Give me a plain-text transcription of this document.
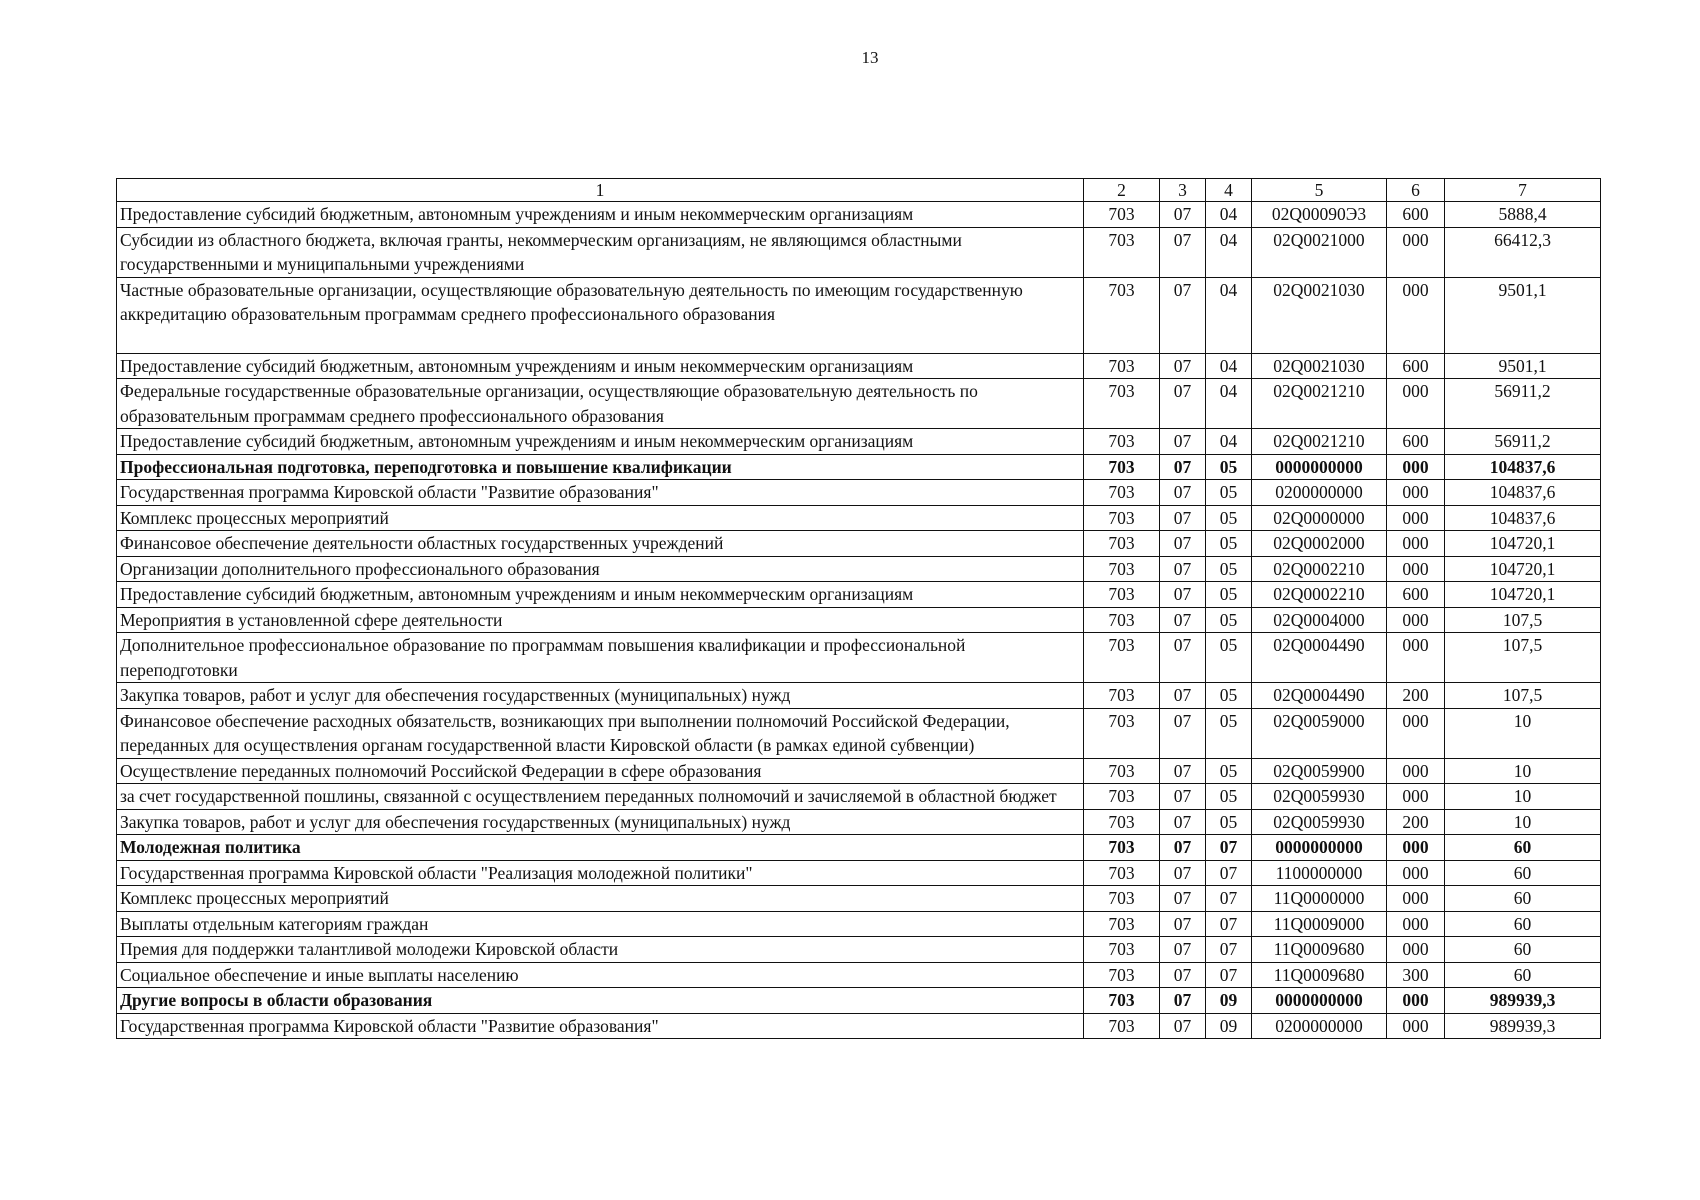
13
1	2	3	4	5	6	7
Предоставление субсидий бюджетным, автономным учреждениям и иным некоммерческим организациям	703	07	04	02Q00090Э3	600	5888,4
Субсидии из областного бюджета, включая гранты, некоммерческим организациям, не являющимся областными государственными и муниципальными учреждениями	703	07	04	02Q0021000	000	66412,3
Частные образовательные организации, осуществляющие образовательную деятельность по имеющим государственную аккредитацию образовательным программам среднего профессионального образования	703	07	04	02Q0021030	000	9501,1
Предоставление субсидий бюджетным, автономным учреждениям и иным некоммерческим организациям	703	07	04	02Q0021030	600	9501,1
Федеральные государственные образовательные организации, осуществляющие образовательную деятельность по образовательным программам среднего профессионального образования	703	07	04	02Q0021210	000	56911,2
Предоставление субсидий бюджетным, автономным учреждениям и иным некоммерческим организациям	703	07	04	02Q0021210	600	56911,2
Профессиональная подготовка, переподготовка и повышение квалификации	703	07	05	0000000000	000	104837,6
Государственная программа Кировской области "Развитие образования"	703	07	05	0200000000	000	104837,6
Комплекс процессных мероприятий	703	07	05	02Q0000000	000	104837,6
Финансовое обеспечение деятельности областных государственных учреждений	703	07	05	02Q0002000	000	104720,1
Организации дополнительного профессионального образования	703	07	05	02Q0002210	000	104720,1
Предоставление субсидий бюджетным, автономным учреждениям и иным некоммерческим организациям	703	07	05	02Q0002210	600	104720,1
Мероприятия в установленной сфере деятельности	703	07	05	02Q0004000	000	107,5
Дополнительное профессиональное образование по программам повышения квалификации и профессиональной переподготовки	703	07	05	02Q0004490	000	107,5
Закупка товаров, работ и услуг для обеспечения государственных (муниципальных) нужд	703	07	05	02Q0004490	200	107,5
Финансовое обеспечение расходных обязательств, возникающих при выполнении полномочий Российской Федерации, переданных для осуществления органам государственной власти Кировской области (в рамках единой субвенции)	703	07	05	02Q0059000	000	10
Осуществление переданных полномочий Российской Федерации в сфере образования	703	07	05	02Q0059900	000	10
за счет государственной пошлины, связанной с осуществлением переданных полномочий и зачисляемой в областной бюджет	703	07	05	02Q0059930	000	10
Закупка товаров, работ и услуг для обеспечения государственных (муниципальных) нужд	703	07	05	02Q0059930	200	10
Молодежная политика	703	07	07	0000000000	000	60
Государственная программа Кировской области "Реализация молодежной политики"	703	07	07	1100000000	000	60
Комплекс процессных мероприятий	703	07	07	11Q0000000	000	60
Выплаты отдельным категориям граждан	703	07	07	11Q0009000	000	60
Премия для поддержки талантливой молодежи Кировской области	703	07	07	11Q0009680	000	60
Социальное обеспечение и иные выплаты населению	703	07	07	11Q0009680	300	60
Другие вопросы в области образования	703	07	09	0000000000	000	989939,3
Государственная программа Кировской области "Развитие образования"	703	07	09	0200000000	000	989939,3
